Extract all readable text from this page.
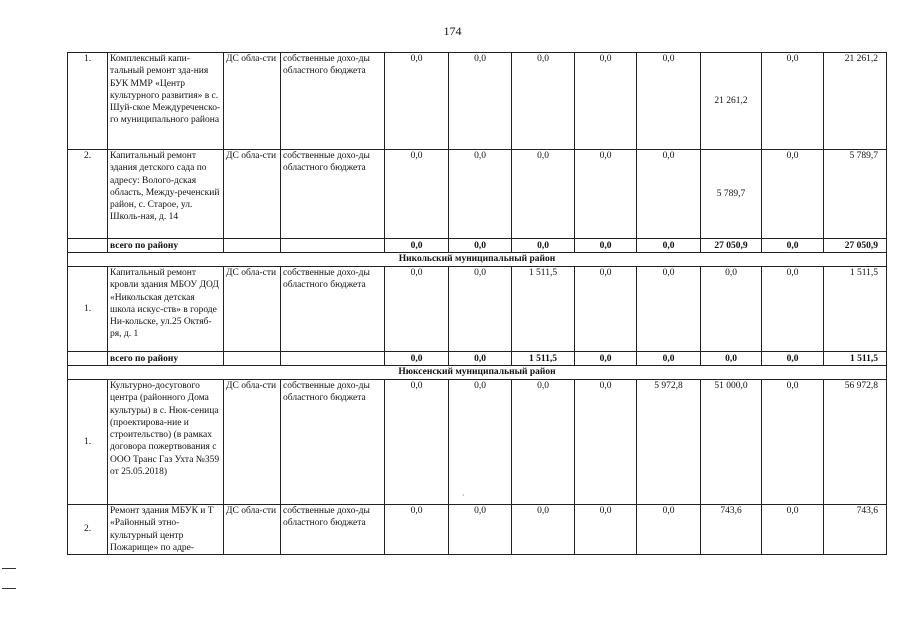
174
1.	Комплексный капи-тальный ремонт зда-ния БУК ММР «Центр культурного развития» в с. Шуй-ское Междуреченско-го муниципального района	ДС обла-сти	собственные дохо-ды областного бюджета	0,0	0,0	0,0	0,0	0,0	21 261,2	0,0	21 261,2
2.	Капитальный ремонт здания детского сада по адресу: Волого-дская область, Между-реченский район, с. Старое, ул. Школь-ная, д. 14	ДС обла-сти	собственные дохо-ды областного бюджета	0,0	0,0	0,0	0,0	0,0	5 789,7	0,0	5 789,7
	всего по району			0,0	0,0	0,0	0,0	0,0	27 050,9	0,0	27 050,9
Никольский муниципальный район											
1.	Капитальный ремонт кровли здания МБОУ ДОД «Никольская детская школа искус-ств» в городе Ни-кольске, ул.25 Октяб-ря, д. 1	ДС обла-сти	собственные дохо-ды областного бюджета	0,0	0,0	1 511,5	0,0	0,0	0,0	0,0	1 511,5
	всего по району			0,0	0,0	1 511,5	0,0	0,0	0,0	0,0	1 511,5
Нюксенский муниципальный район											
1.	Культурно-досугового центра (районного Дома культуры) в с. Нюк-сеница (проектирова-ние и строительство) (в рамках договора пожертвования с ООО Транс Газ Ухта №359 от 25.05.2018)	ДС обла-сти	собственные дохо-ды областного бюджета	0,0	0,0	0,0	0,0	5 972,8	51 000,0	0,0	56 972,8
2.	Ремонт здания МБУК и Т «Районный этно-культурный центр Пожарище» по адре-	ДС обла-сти	собственные дохо-ды областного бюджета	0,0	0,0	0,0	0,0	0,0	743,6	0,0	743,6
·
